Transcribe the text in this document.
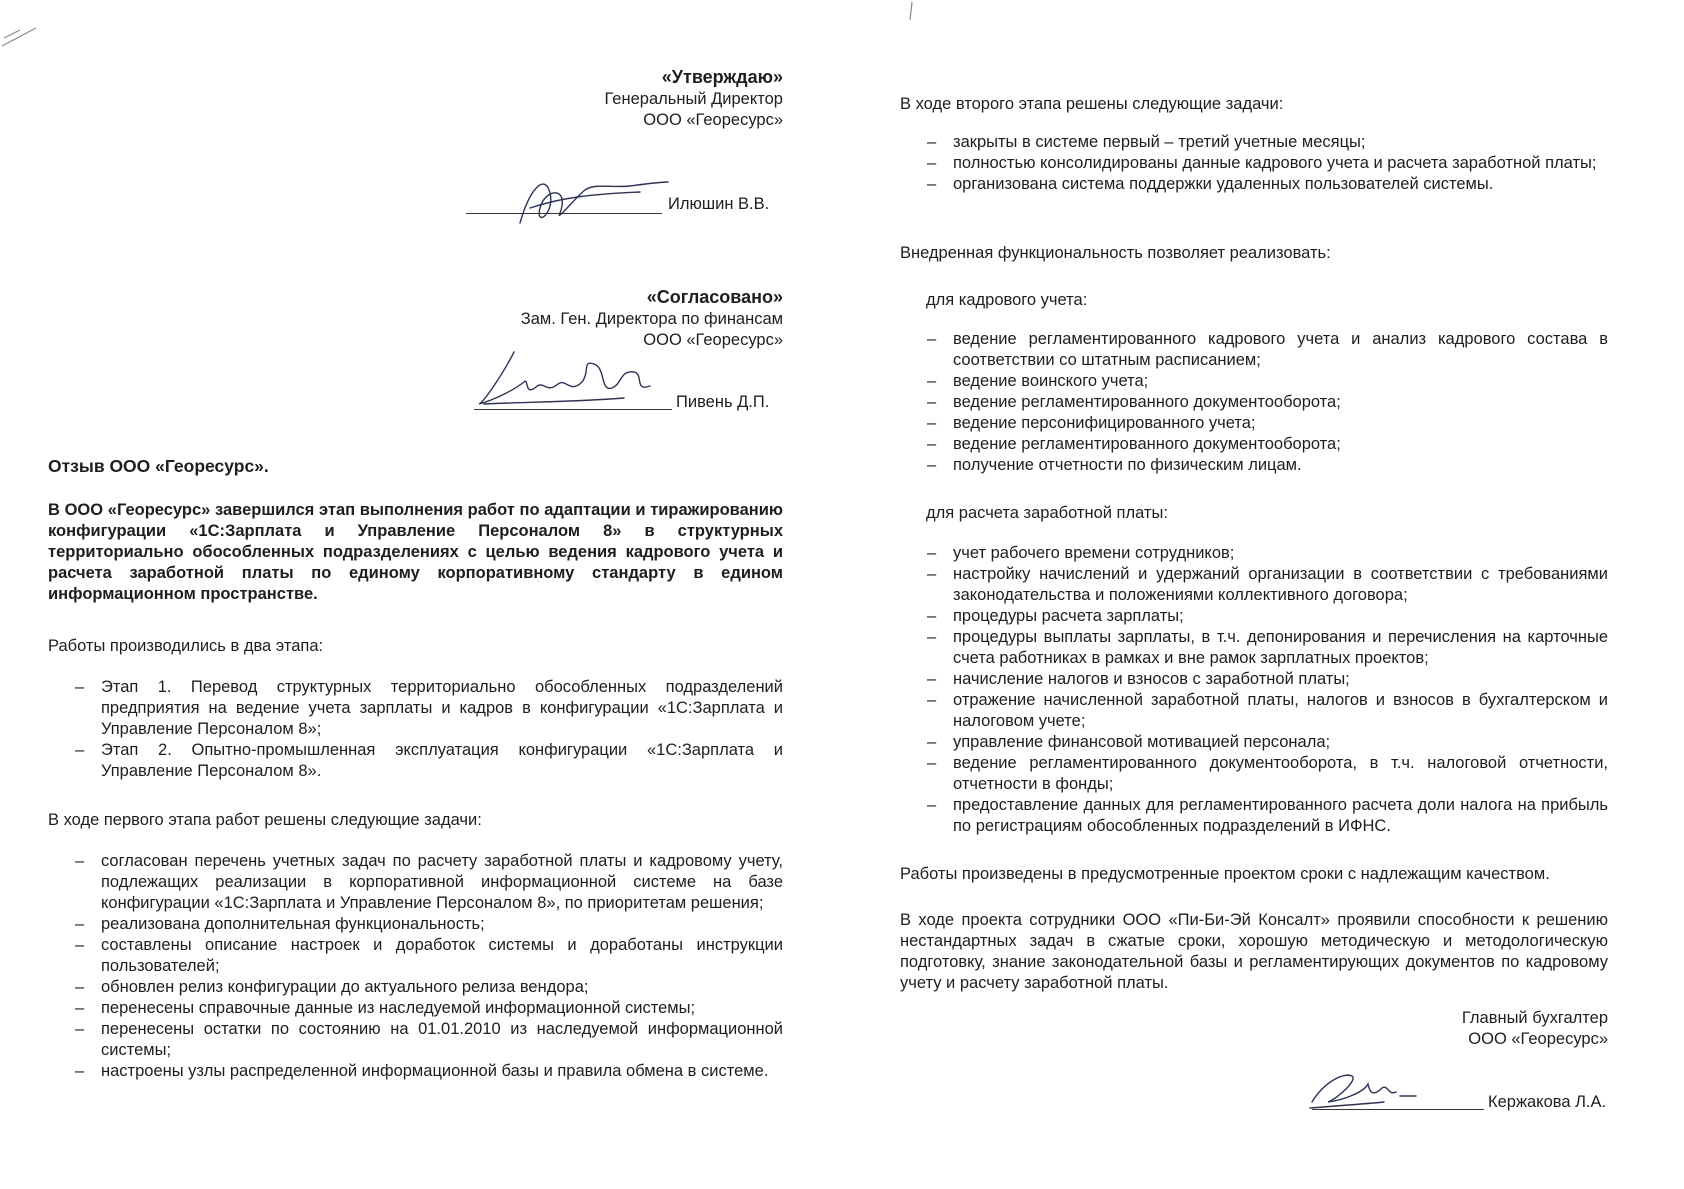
«Утверждаю»
Генеральный Директор
ООО «Георесурс»
Илюшин В.В.
«Согласовано»
Зам. Ген. Директора по финансам
ООО «Георесурс»
Пивень Д.П.
Отзыв ООО «Георесурс».
В ООО «Георесурс» завершился этап выполнения работ по адаптации и тиражированию конфигурации «1С:Зарплата и Управление Персоналом 8» в структурных территориально обособленных подразделениях с целью ведения кадрового учета и расчета заработной платы по единому корпоративному стандарту в едином информационном пространстве.
Работы производились в два этапа:
– Этап 1. Перевод структурных территориально обособленных подразделений предприятия на ведение учета зарплаты и кадров в конфигурации «1С:Зарплата и Управление Персоналом 8»;
– Этап 2. Опытно-промышленная эксплуатация конфигурации «1С:Зарплата и Управление Персоналом 8».
В ходе первого этапа работ решены следующие задачи:
– согласован перечень учетных задач по расчету заработной платы и кадровому учету, подлежащих реализации в корпоративной информационной системе на базе конфигурации «1С:Зарплата и Управление Персоналом 8», по приоритетам решения;
– реализована дополнительная функциональность;
– составлены описание настроек и доработок системы и доработаны инструкции пользователей;
– обновлен релиз конфигурации до актуального релиза вендора;
– перенесены справочные данные из наследуемой информационной системы;
– перенесены остатки по состоянию на 01.01.2010 из наследуемой информационной системы;
– настроены узлы распределенной информационной базы и правила обмена в системе.
В ходе второго этапа решены следующие задачи:
– закрыты в системе первый – третий учетные месяцы;
– полностью консолидированы данные кадрового учета и расчета заработной платы;
– организована система поддержки удаленных пользователей системы.
Внедренная функциональность позволяет реализовать:
для кадрового учета:
– ведение регламентированного кадрового учета и анализ кадрового состава в соответствии со штатным расписанием;
– ведение воинского учета;
– ведение регламентированного документооборота;
– ведение персонифицированного учета;
– ведение регламентированного документооборота;
– получение отчетности по физическим лицам.
для расчета заработной платы:
– учет рабочего времени сотрудников;
– настройку начислений и удержаний организации в соответствии с требованиями законодательства и положениями коллективного договора;
– процедуры расчета зарплаты;
– процедуры выплаты зарплаты, в т.ч. депонирования и перечисления на карточные счета работниках в рамках и вне рамок зарплатных проектов;
– начисление налогов и взносов с заработной платы;
– отражение начисленной заработной платы, налогов и взносов в бухгалтерском и налоговом учете;
– управление финансовой мотивацией персонала;
– ведение регламентированного документооборота, в т.ч. налоговой отчетности, отчетности в фонды;
– предоставление данных для регламентированного расчета доли налога на прибыль по регистрациям обособленных подразделений в ИФНС.
Работы произведены в предусмотренные проектом сроки с надлежащим качеством.
В ходе проекта сотрудники ООО «Пи-Би-Эй Консалт» проявили способности к решению нестандартных задач в сжатые сроки, хорошую методическую и методологическую подготовку, знание законодательной базы и регламентирующих документов по кадровому учету и расчету заработной платы.
Главный бухгалтер
ООО «Георесурс»
Кержакова Л.А.
